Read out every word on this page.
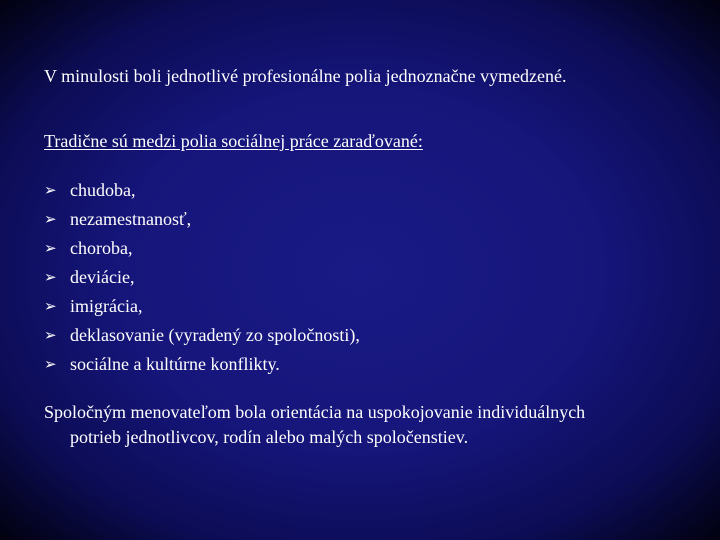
V minulosti boli jednotlivé profesionálne polia jednoznačne vymedzené.
Tradične sú medzi polia sociálnej práce zaraďované:
➢ chudoba,
➢ nezamestnanosť,
➢ choroba,
➢ deviácie,
➢ imigrácia,
➢ deklasovanie (vyradený zo spoločnosti),
➢ sociálne a kultúrne konflikty.
Spoločným menovateľom bola orientácia na uspokojovanie individuálnych
potrieb jednotlivcov, rodín alebo malých spoločenstiev.
